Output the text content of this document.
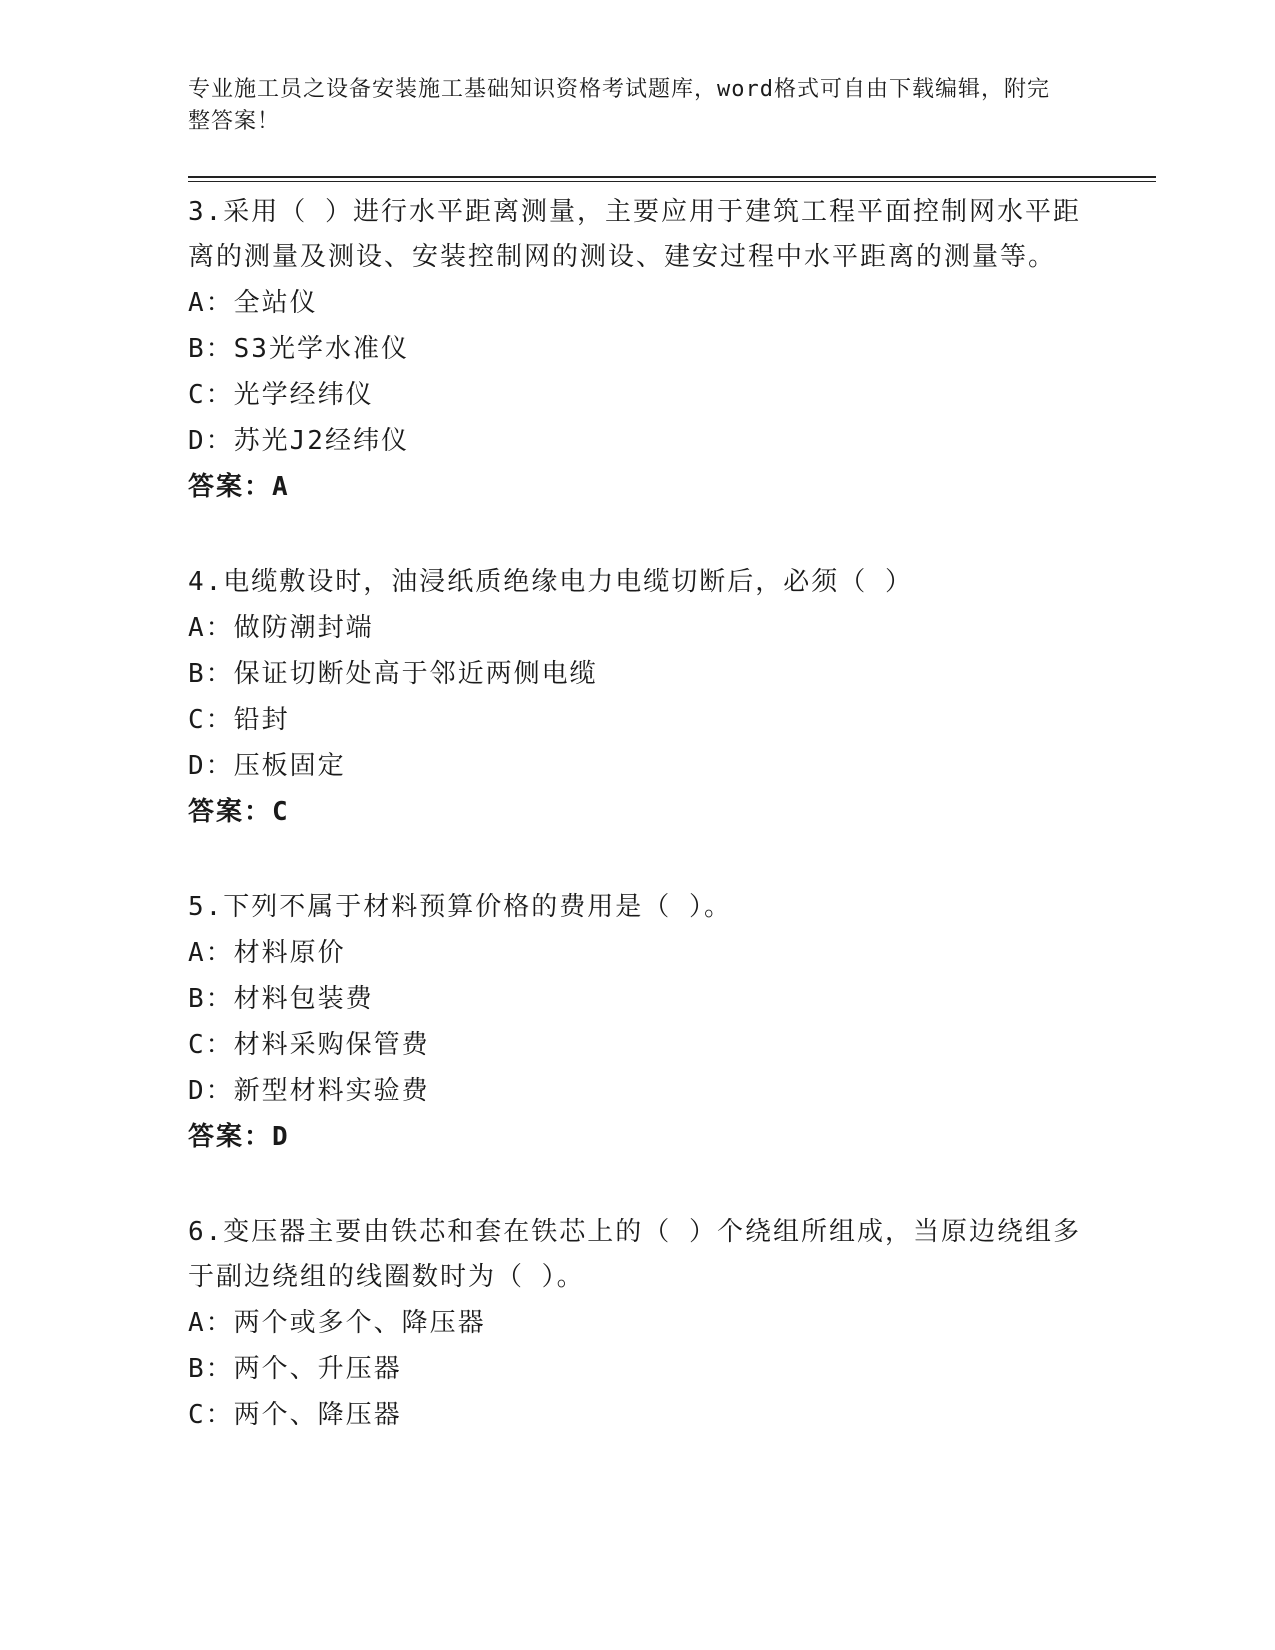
专业施工员之设备安装施工基础知识资格考试题库，word格式可自由下载编辑，附完整答案！

3.采用（ ）进行水平距离测量，主要应用于建筑工程平面控制网水平距离的测量及测设、安装控制网的测设、建安过程中水平距离的测量等。

A：全站仪

B：S3光学水准仪

C：光学经纬仪

D：苏光J2经纬仪

答案：A

4.电缆敷设时，油浸纸质绝缘电力电缆切断后，必须（ ）

A：做防潮封端

B：保证切断处高于邻近两侧电缆

C：铅封

D：压板固定

答案：C

5.下列不属于材料预算价格的费用是（ ）。

A：材料原价

B：材料包装费

C：材料采购保管费

D：新型材料实验费

答案：D

6.变压器主要由铁芯和套在铁芯上的（ ）个绕组所组成，当原边绕组多于副边绕组的线圈数时为（ ）。

A：两个或多个、降压器

B：两个、升压器

C：两个、降压器
